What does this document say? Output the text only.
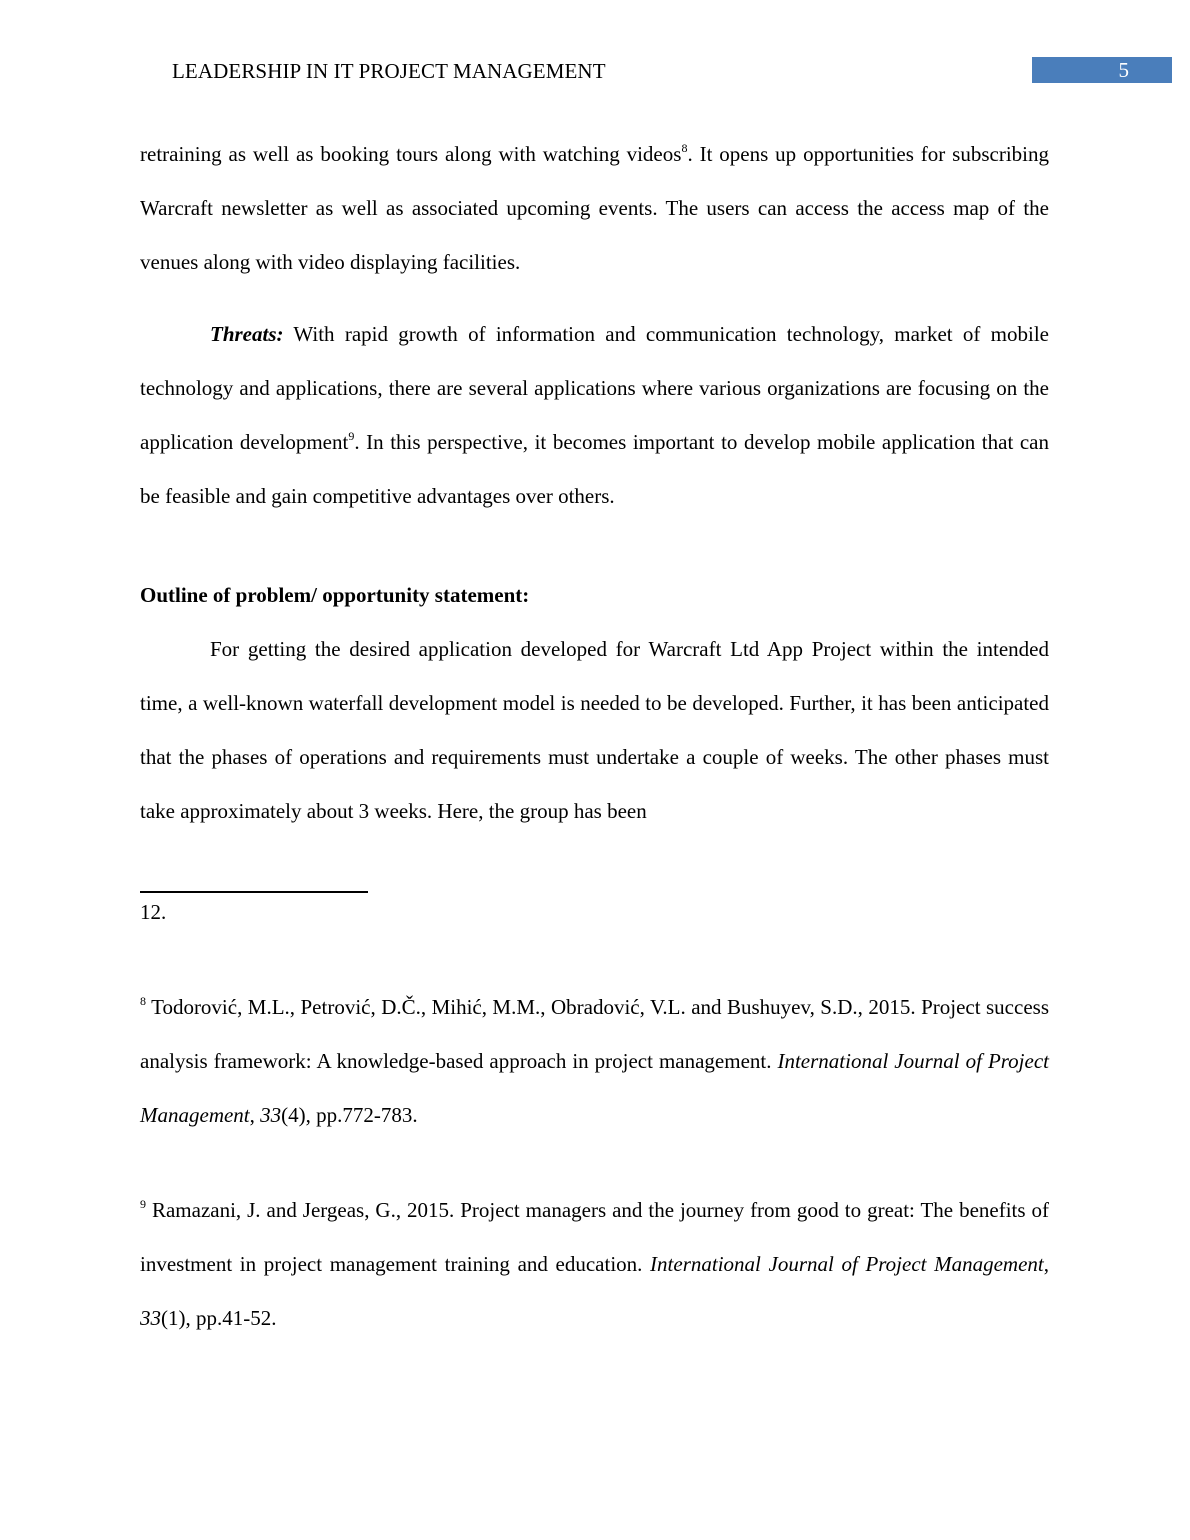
LEADERSHIP IN IT PROJECT MANAGEMENT	5

retraining as well as booking tours along with watching videos$^8$. It opens up opportunities for subscribing Warcraft newsletter as well as associated upcoming events. The users can access the access map of the venues along with video displaying facilities.

Threats: With rapid growth of information and communication technology, market of mobile technology and applications, there are several applications where various organizations are focusing on the application development$^9$. In this perspective, it becomes important to develop mobile application that can be feasible and gain competitive advantages over others.

Outline of problem/ opportunity statement:

For getting the desired application developed for Warcraft Ltd App Project within the intended time, a well-known waterfall development model is needed to be developed. Further, it has been anticipated that the phases of operations and requirements must undertake a couple of weeks. The other phases must take approximately about 3 weeks. Here, the group has been

12.

$^8$ Todorović, M.L., Petrović, D.Č., Mihić, M.M., Obradović, V.L. and Bushuyev, S.D., 2015. Project success analysis framework: A knowledge-based approach in project management. International Journal of Project Management, 33(4), pp.772-783.

$^9$ Ramazani, J. and Jergeas, G., 2015. Project managers and the journey from good to great: The benefits of investment in project management training and education. International Journal of Project Management, 33(1), pp.41-52.
